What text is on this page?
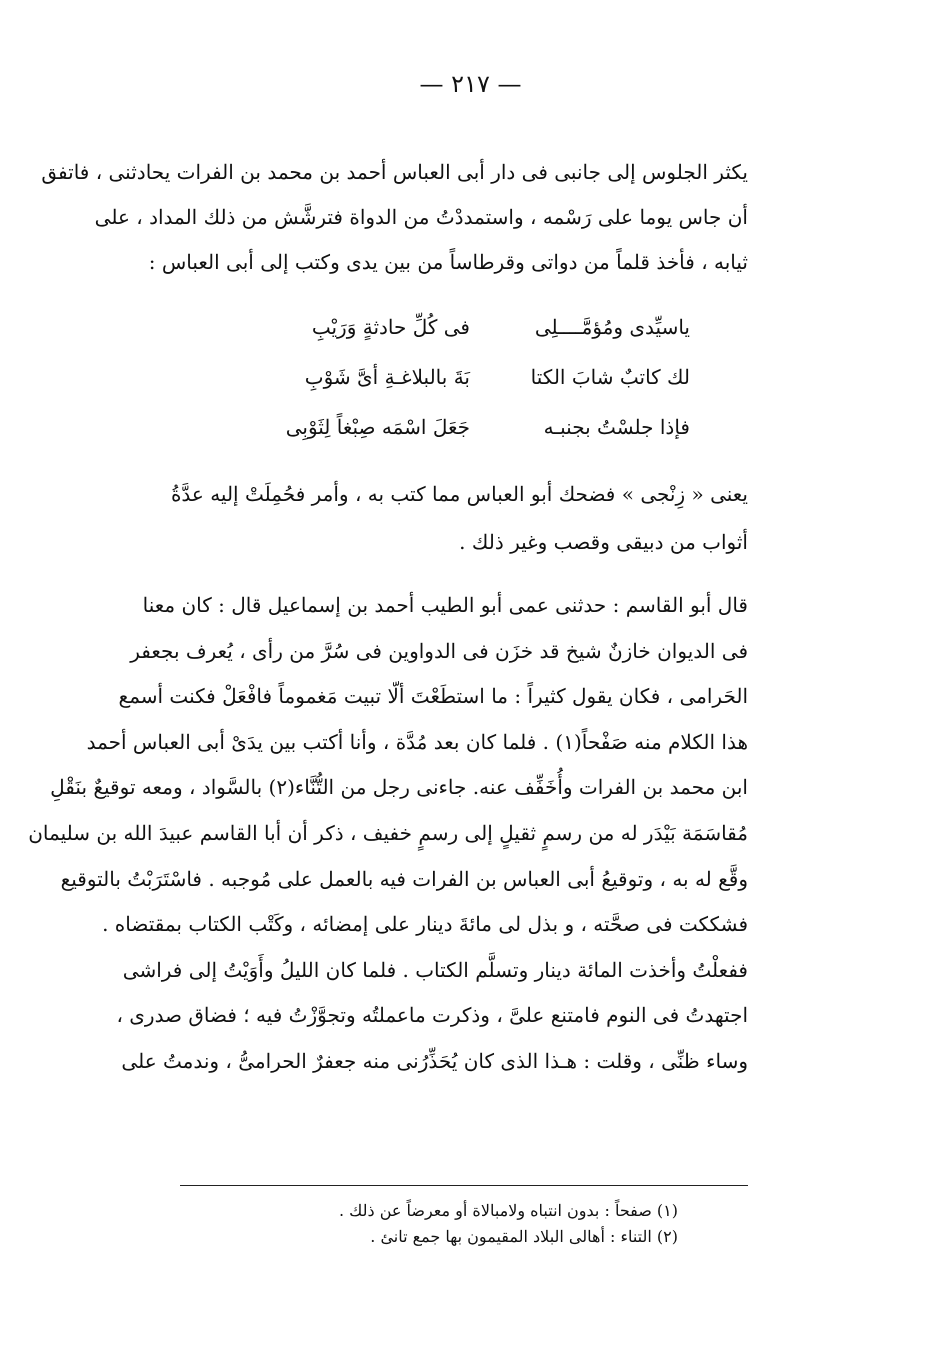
— ٢١٧ —
يكثر الجلوس إلى جانبى فى دار أبى العباس أحمد بن محمد بن الفرات يحادثنى ، فاتفق
أن جاس يوما على رَسْمه ، واستمددْتُ من الدواة فترشَّش من ذلك المداد ، على
ثيابه ، فأخذ قلماً من دواتى وقرطاساً من بين يدى وكتب إلى أبى العباس :
ياسيِّدى ومُؤمَّــــلِى
فى كُلِّ حادثةٍ وَرَيْبِ
لك كاتبٌ شابَ الكتا
بَةَ بالبلاغـةِ أىَّ شَوْبِ
فإذا جلسْتُ بجنبـه
جَعَلَ اسْمَه صِبْغاً لِثَوْبِى
يعنى « زِنْجى » فضحك أبو العباس مما كتب به ، وأمر فحُمِلَتْ إليه عدَّةُ
أثواب من دبيقى وقصب وغير ذلك .
قال أبو القاسم : حدثنى عمى أبو الطيب أحمد بن إسماعيل قال : كان معنا
فى الديوان خازنٌ شيخ قد خزَن فى الدواوين فى سُرَّ من رأى ، يُعرف بجعفر
الحَرامى ، فكان يقول كثيراً : ما استطَعْتَ ألّا تبيت مَغموماً فافْعَلْ فكنت أسمع
هذا الكلام منه صَفْحاً(١) . فلما كان بعد مُدَّة ، وأنا أكتب بين يدَىْ أبى العباس أحمد
ابن محمد بن الفرات وأُخَفِّف عنه. جاءنى رجل من التُّنَّاء(٢) بالسَّواد ، ومعه توقيعٌ بنَقْلِ
مُقاسَمَة بَيْدَر له من رسمٍ ثقيلٍ إلى رسمٍ خفيف ، ذكر أن أبا القاسم عبيدَ الله بن سليمان
وقَّع له به ، وتوقيعُ أبى العباس بن الفرات فيه بالعمل على مُوجبه . فاسْتَرَبْتُ بالتوقيع
فشككت فى صحَّته ، و بذل لى مائةَ دينار على إمضائه ، وكَتْب الكتاب بمقتضاه .
ففعلْتُ وأخذت المائة دينار وتسلَّم الكتاب . فلما كان الليلُ وأَوَيْتُ إلى فراشى
اجتهدتُ فى النوم فامتنع علىَّ ، وذكرت ماعملتُه وتجوَّزْتُ فيه ؛ فضاق صدرى ،
وساء ظنِّى ، وقلت : هـذا الذى كان يُحَذِّرُنى منه جعفرٌ الحرامىُّ ، وندمتُ على
(١) صفحاً : بدون انتباه ولامبالاة أو معرضاً عن ذلك .
(٢) التناء : أهالى البلاد المقيمون بها جمع تانئ .
